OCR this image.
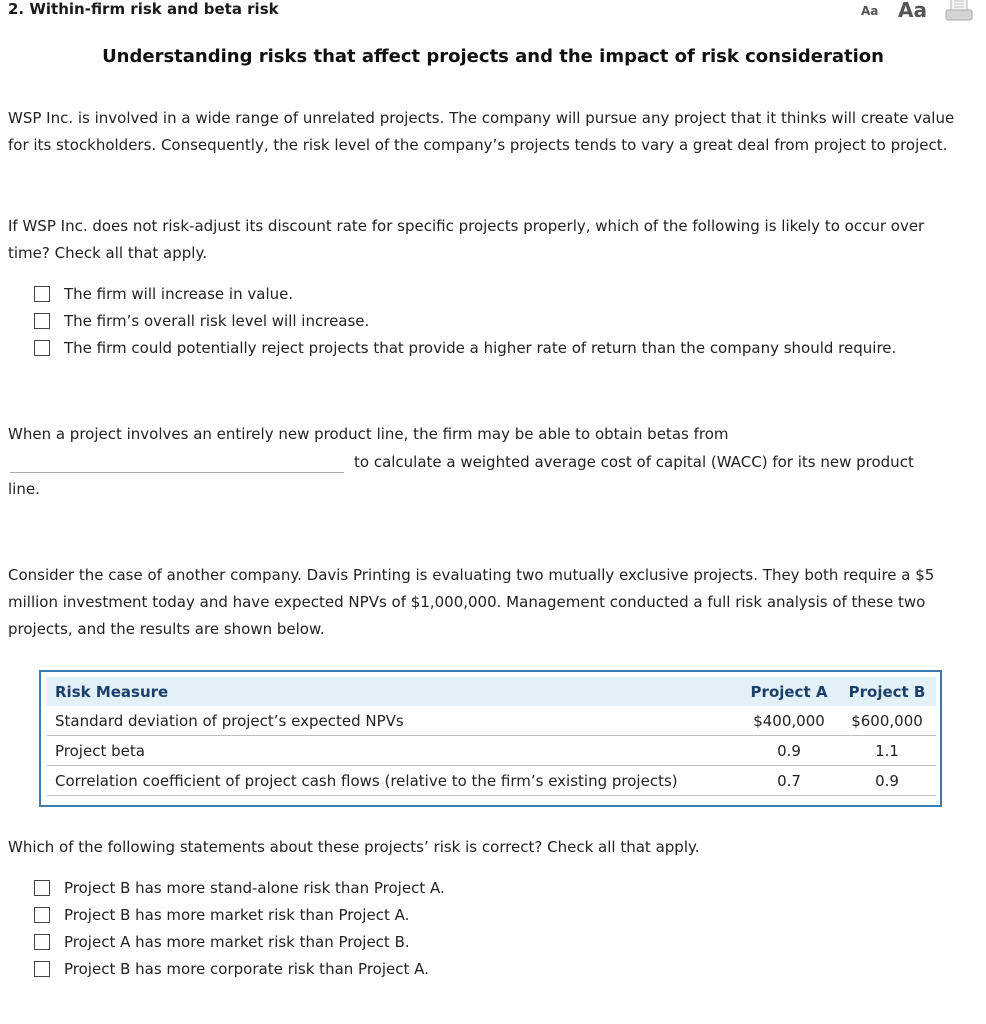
2. Within-firm risk and beta risk	Aa Aa
Understanding risks that affect projects and the impact of risk consideration
WSP Inc. is involved in a wide range of unrelated projects. The company will pursue any project that it thinks will create value for its stockholders. Consequently, the risk level of the company’s projects tends to vary a great deal from project to project.
If WSP Inc. does not risk-adjust its discount rate for specific projects properly, which of the following is likely to occur over time? Check all that apply.
The firm will increase in value.
The firm’s overall risk level will increase.
The firm could potentially reject projects that provide a higher rate of return than the company should require.
When a project involves an entirely new product line, the firm may be able to obtain betas from
to calculate a weighted average cost of capital (WACC) for its new product
line.
Consider the case of another company. Davis Printing is evaluating two mutually exclusive projects. They both require a $5 million investment today and have expected NPVs of $1,000,000. Management conducted a full risk analysis of these two projects, and the results are shown below.
Risk Measure	Project A	Project B
Standard deviation of project’s expected NPVs	$400,000	$600,000
Project beta	0.9	1.1
Correlation coefficient of project cash flows (relative to the firm’s existing projects)	0.7	0.9
Which of the following statements about these projects’ risk is correct? Check all that apply.
Project B has more stand-alone risk than Project A.
Project B has more market risk than Project A.
Project A has more market risk than Project B.
Project B has more corporate risk than Project A.
